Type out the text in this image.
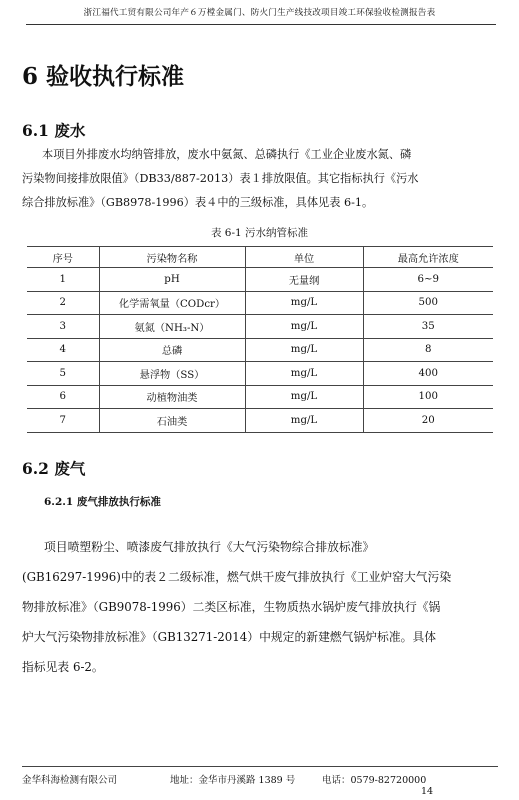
浙江福代工贸有限公司年产６万樘金属门、防火门生产线技改项目竣工环保验收检测报告表
6 验收执行标准
6.1 废水
本项目外排废水均纳管排放，废水中氨氮、总磷执行《工业企业废水氮、磷
污染物间接排放限值》（DB33/887-2013）表１排放限值。其它指标执行《污水
综合排放标准》（GB8978-1996）表４中的三级标准，具体见表 6-1。
表 6-1 污水纳管标准
序号	污染物名称	单位	最高允许浓度
1	pH	无量纲	6~9
2	化学需氧量（CODcr）	mg/L	500
3	氨氮（NH₃-N）	mg/L	35
4	总磷	mg/L	8
5	悬浮物（SS）	mg/L	400
6	动植物油类	mg/L	100
7	石油类	mg/L	20
6.2 废气
6.2.1 废气排放执行标准
项目喷塑粉尘、喷漆废气排放执行《大气污染物综合排放标准》
(GB16297-1996)中的表２二级标准，燃气烘干废气排放执行《工业炉窑大气污染
物排放标准》（GB9078-1996）二类区标准，生物质热水锅炉废气排放执行《锅
炉大气污染物排放标准》（GB13271-2014）中规定的新建燃气锅炉标准。具体
指标见表 6-2。
金华科海检测有限公司	地址：金华市丹溪路 1389 号	电话：0579-82720000
14
